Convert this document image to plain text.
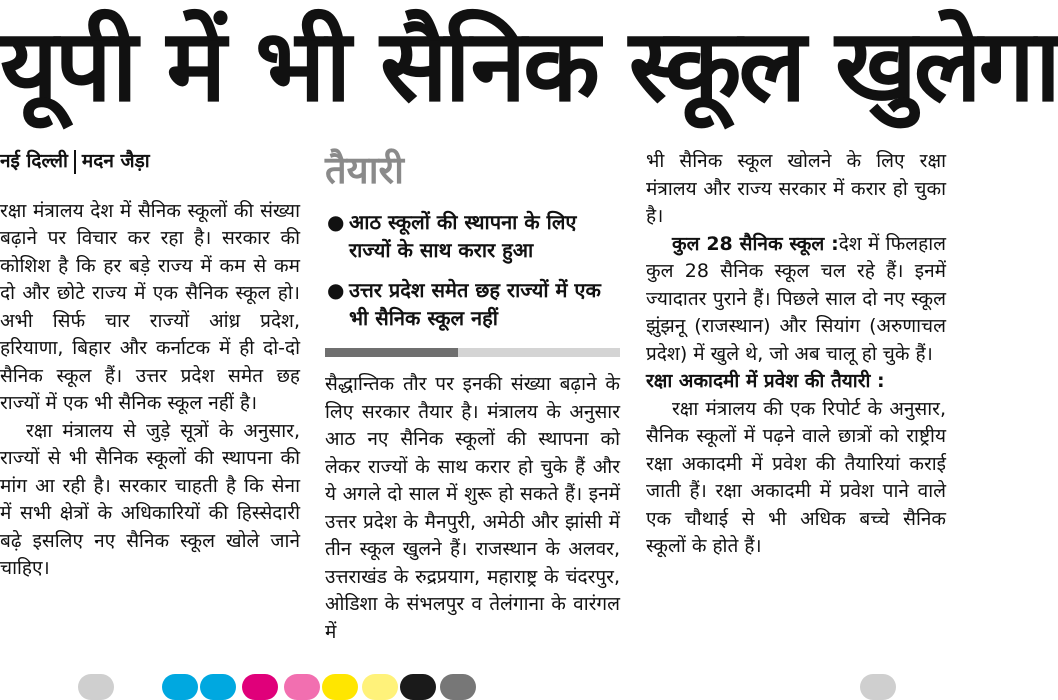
यूपी में भी सैनिक स्कूल खुलेगा
नई दिल्ली मदन जैड़ा

रक्षा मंत्रालय देश में सैनिक स्कूलों की संख्या बढ़ाने पर विचार कर रहा है। सरकार की कोशिश है कि हर बड़े राज्य में कम से कम दो और छोटे राज्य में एक सैनिक स्कूल हो। अभी सिर्फ चार राज्यों आंध्र प्रदेश, हरियाणा, बिहार और कर्नाटक में ही दो-दो सैनिक स्कूल हैं। उत्तर प्रदेश समेत छह राज्यों में एक भी सैनिक स्कूल नहीं है।

रक्षा मंत्रालय से जुड़े सूत्रों के अनुसार, राज्यों से भी सैनिक स्कूलों की स्थापना की मांग आ रही है। सरकार चाहती है कि सेना में सभी क्षेत्रों के अधिकारियों की हिस्सेदारी बढ़े इसलिए नए सैनिक स्कूल खोले जाने चाहिए।

तैयारी
● आठ स्कूलों की स्थापना के लिए राज्यों के साथ करार हुआ
● उत्तर प्रदेश समेत छह राज्यों में एक भी सैनिक स्कूल नहीं

सैद्धान्तिक तौर पर इनकी संख्या बढ़ाने के लिए सरकार तैयार है। मंत्रालय के अनुसार आठ नए सैनिक स्कूलों की स्थापना को लेकर राज्यों के साथ करार हो चुके हैं और ये अगले दो साल में शुरू हो सकते हैं। इनमें उत्तर प्रदेश के मैनपुरी, अमेठी और झांसी में तीन स्कूल खुलने हैं। राजस्थान के अलवर, उत्तराखंड के रुद्रप्रयाग, महाराष्ट्र के चंदरपुर, ओडिशा के संभलपुर व तेलंगाना के वारंगल में

भी सैनिक स्कूल खोलने के लिए रक्षा मंत्रालय और राज्य सरकार में करार हो चुका है।

कुल 28 सैनिक स्कूल :देश में फिलहाल कुल 28 सैनिक स्कूल चल रहे हैं। इनमें ज्यादातर पुराने हैं। पिछले साल दो नए स्कूल झुंझनू (राजस्थान) और सियांग (अरुणाचल प्रदेश) में खुले थे, जो अब चालू हो चुके हैं।

रक्षा अकादमी में प्रवेश की तैयारी :

रक्षा मंत्रालय की एक रिपोर्ट के अनुसार, सैनिक स्कूलों में पढ़ने वाले छात्रों को राष्ट्रीय रक्षा अकादमी में प्रवेश की तैयारियां कराई जाती हैं। रक्षा अकादमी में प्रवेश पाने वाले एक चौथाई से भी अधिक बच्चे सैनिक स्कूलों के होते हैं।
